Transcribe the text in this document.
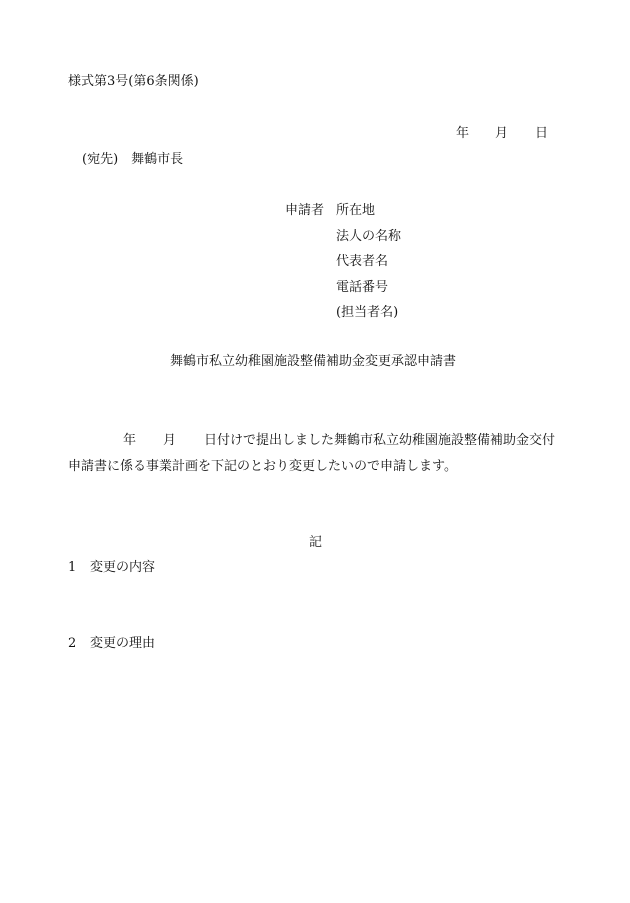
様式第3号(第6条関係)
年 月 日
(宛先)　舞鶴市長
申請者 所在地
法人の名称
代表者名
電話番号
(担当者名)
舞鶴市私立幼稚園施設整備補助金変更承認申請書
年 月 日付けで提出しました舞鶴市私立幼稚園施設整備補助金交付
申請書に係る事業計画を下記のとおり変更したいので申請します。
記
1 変更の内容
2 変更の理由
